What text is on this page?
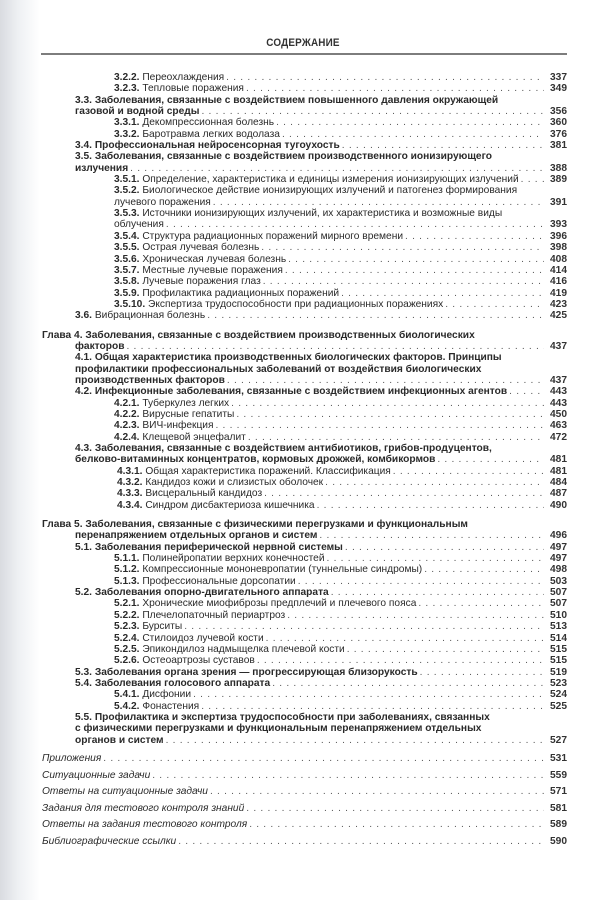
СОДЕРЖАНИЕ
3.2.2. Переохлаждения . . .	337
3.2.3. Тепловые поражения . . .	349
3.3. Заболевания, связанные с воздействием повышенного давления окружающей
газовой и водной среды . . .	356
3.3.1. Декомпрессионная болезнь . . .	360
3.3.2. Баротравма легких водолаза . . .	376
3.4. Профессиональная нейросенсорная тугоухость . . .	381
3.5. Заболевания, связанные с воздействием производственного ионизирующего
излучения . . .	388
3.5.1. Определение, характеристика и единицы измерения ионизирующих излучений . . .	389
3.5.2. Биологическое действие ионизирующих излучений и патогенез формирования
лучевого поражения . . .	391
3.5.3. Источники ионизирующих излучений, их характеристика и возможные виды
облучения . . .	393
3.5.4. Структура радиационных поражений мирного времени . . .	396
3.5.5. Острая лучевая болезнь . . .	398
3.5.6. Хроническая лучевая болезнь . . .	408
3.5.7. Местные лучевые поражения . . .	414
3.5.8. Лучевые поражения глаз . . .	416
3.5.9. Профилактика радиационных поражений . . .	419
3.5.10. Экспертиза трудоспособности при радиационных поражениях . . .	423
3.6. Вибрационная болезнь . . .	425
Глава 4. Заболевания, связанные с воздействием производственных биологических
факторов . . .	437
4.1. Общая характеристика производственных биологических факторов. Принципы
профилактики профессиональных заболеваний от воздействия биологических
производственных факторов . . .	437
4.2. Инфекционные заболевания, связанные с воздействием инфекционных агентов . . .	443
4.2.1. Туберкулез легких . . .	443
4.2.2. Вирусные гепатиты . . .	450
4.2.3. ВИЧ-инфекция . . .	463
4.2.4. Клещевой энцефалит . . .	472
4.3. Заболевания, связанные с воздействием антибиотиков, грибов-продуцентов,
белково-витаминных концентратов, кормовых дрожжей, комбикормов . . .	481
4.3.1. Общая характеристика поражений. Классификация . . .	481
4.3.2. Кандидоз кожи и слизистых оболочек . . .	484
4.3.3. Висцеральный кандидоз . . .	487
4.3.4. Синдром дисбактериоза кишечника . . .	490
Глава 5. Заболевания, связанные с физическими перегрузками и функциональным
перенапряжением отдельных органов и систем . . .	496
5.1. Заболевания периферической нервной системы . . .	497
5.1.1. Полинейропатии верхних конечностей . . .	497
5.1.2. Компрессионные мононевропатии (туннельные синдромы) . . .	498
5.1.3. Профессиональные дорсопатии . . .	503
5.2. Заболевания опорно-двигательного аппарата . . .	507
5.2.1. Хронические миофиброзы предплечий и плечевого пояса . . .	507
5.2.2. Плечелопаточный периартроз . . .	510
5.2.3. Бурситы . . .	513
5.2.4. Стилоидоз лучевой кости . . .	514
5.2.5. Эпикондилоз надмыщелка плечевой кости . . .	515
5.2.6. Остеоартрозы суставов . . .	515
5.3. Заболевания органа зрения — прогрессирующая близорукость . . .	519
5.4. Заболевания голосового аппарата . . .	523
5.4.1. Дисфонии . . .	524
5.4.2. Фонастения . . .	525
5.5. Профилактика и экспертиза трудоспособности при заболеваниях, связанных
с физическими перегрузками и функциональным перенапряжением отдельных
органов и систем . . .	527
Приложения . . .	531
Ситуационные задачи . . .	559
Ответы на ситуационные задачи . . .	571
Задания для тестового контроля знаний . . .	581
Ответы на задания тестового контроля . . .	589
Библиографические ссылки . . .	590
